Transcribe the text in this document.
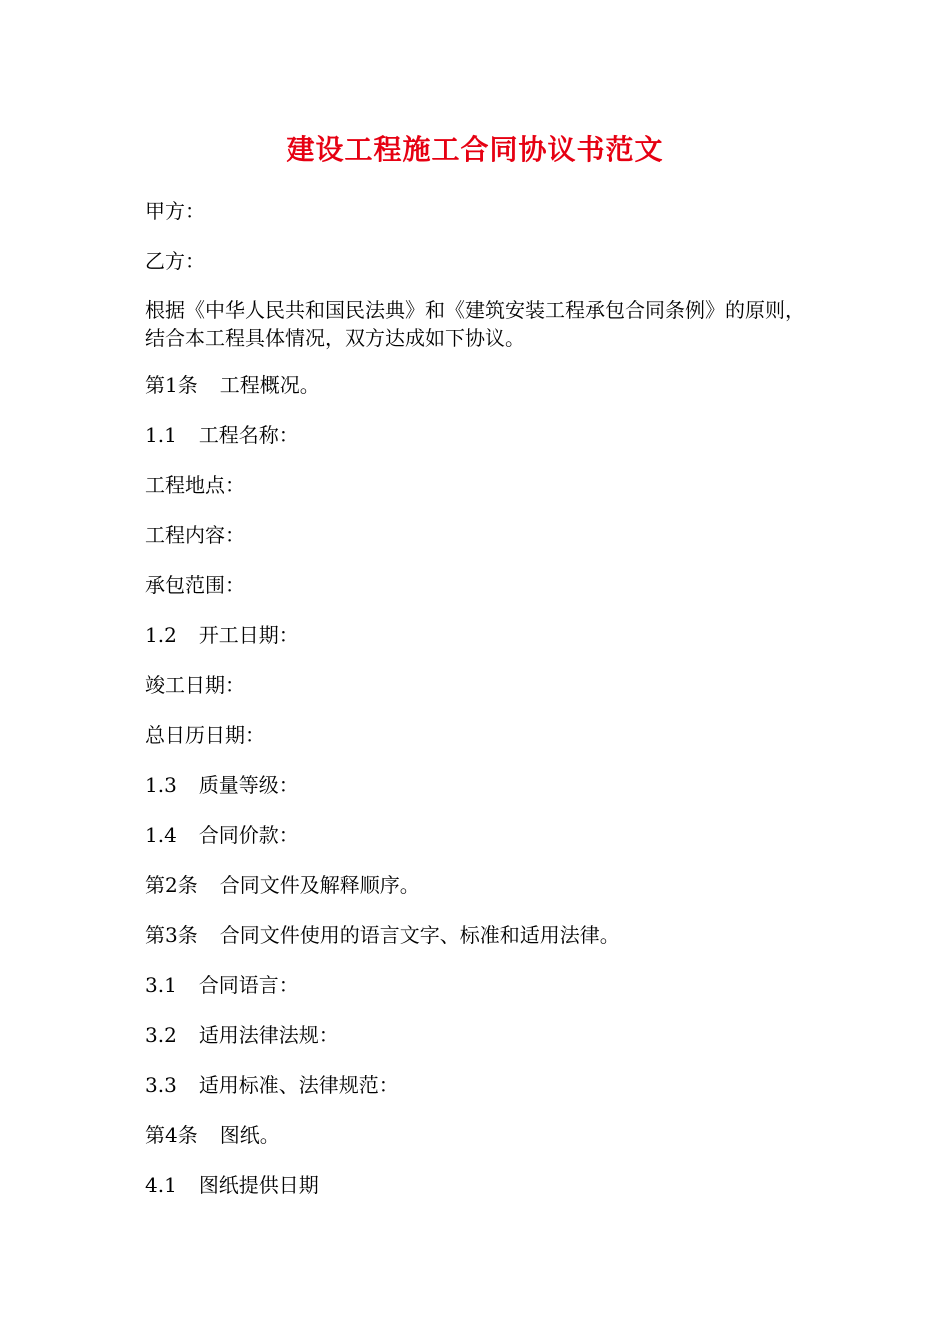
建设工程施工合同协议书范文

甲方：

乙方：

根据《中华人民共和国民法典》和《建筑安装工程承包合同条例》的原则，结合本工程具体情况，双方达成如下协议。

第1条 工程概况。

1.1 工程名称：

工程地点：

工程内容：

承包范围：

1.2 开工日期：

竣工日期：

总日历日期：

1.3 质量等级：

1.4 合同价款：

第2条 合同文件及解释顺序。

第3条 合同文件使用的语言文字、标准和适用法律。

3.1 合同语言：

3.2 适用法律法规：

3.3 适用标准、法律规范：

第4条 图纸。

4.1 图纸提供日期
